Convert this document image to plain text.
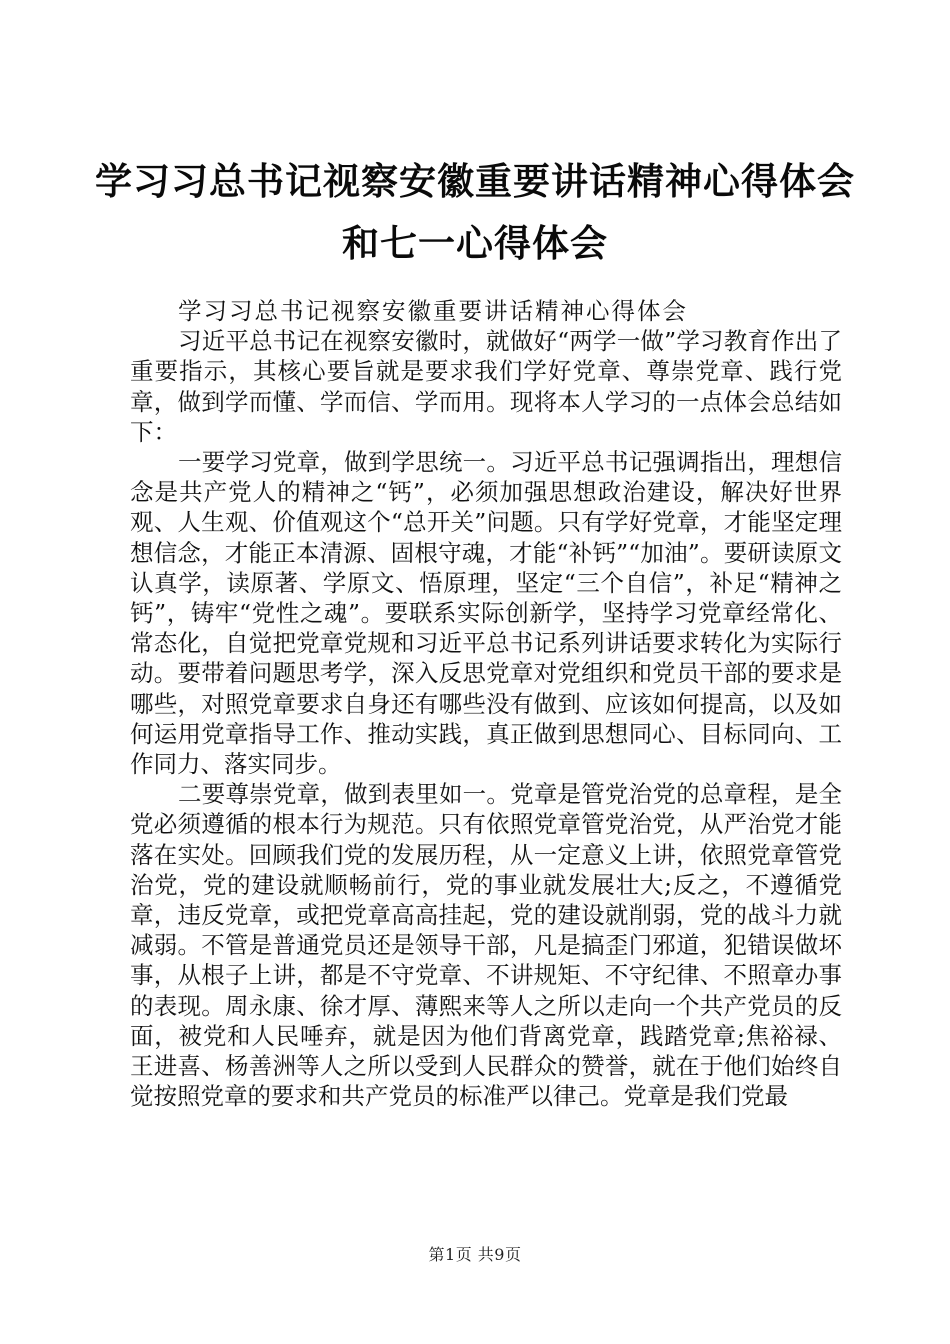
学习习总书记视察安徽重要讲话精神心得体会
和七一心得体会

学习习总书记视察安徽重要讲话精神心得体会

习近平总书记在视察安徽时，就做好“两学一做”学习教育作出了重要指示，其核心要旨就是要求我们学好党章、尊崇党章、践行党章，做到学而懂、学而信、学而用。现将本人学习的一点体会总结如下：

一要学习党章，做到学思统一。习近平总书记强调指出，理想信念是共产党人的精神之“钙”，必须加强思想政治建设，解决好世界观、人生观、价值观这个“总开关”问题。只有学好党章，才能坚定理想信念，才能正本清源、固根守魂，才能“补钙”“加油”。要研读原文认真学，读原著、学原文、悟原理，坚定“三个自信”，补足“精神之钙”，铸牢“党性之魂”。要联系实际创新学，坚持学习党章经常化、常态化，自觉把党章党规和习近平总书记系列讲话要求转化为实际行动。要带着问题思考学，深入反思党章对党组织和党员干部的要求是哪些，对照党章要求自身还有哪些没有做到、应该如何提高，以及如何运用党章指导工作、推动实践，真正做到思想同心、目标同向、工作同力、落实同步。

二要尊崇党章，做到表里如一。党章是管党治党的总章程，是全党必须遵循的根本行为规范。只有依照党章管党治党，从严治党才能落在实处。回顾我们党的发展历程，从一定意义上讲，依照党章管党治党，党的建设就顺畅前行，党的事业就发展壮大;反之，不遵循党章，违反党章，或把党章高高挂起，党的建设就削弱，党的战斗力就减弱。不管是普通党员还是领导干部，凡是搞歪门邪道，犯错误做坏事，从根子上讲，都是不守党章、不讲规矩、不守纪律、不照章办事的表现。周永康、徐才厚、薄熙来等人之所以走向一个共产党员的反面，被党和人民唾弃，就是因为他们背离党章，践踏党章;焦裕禄、王进喜、杨善洲等人之所以受到人民群众的赞誉，就在于他们始终自觉按照党章的要求和共产党员的标准严以律己。党章是我们党最

第1页 共9页
